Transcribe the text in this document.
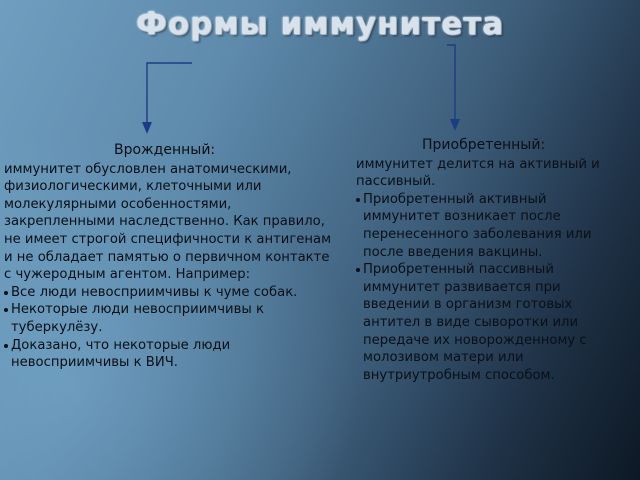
Формы иммунитета
Врожденный:
иммунитет обусловлен анатомическими, физиологическими, клеточными или молекулярными особенностями, закрепленными наследственно. Как правило, не имеет строгой специфичности к антигенам и не обладает памятью о первичном контакте с чужеродным агентом. Например:
Все люди невосприимчивы к чуме собак.
Некоторые люди невосприимчивы к туберкулёзу.
Доказано, что некоторые люди невосприимчивы к ВИЧ.
Приобретенный:
иммунитет делится на активный и пассивный.
Приобретенный активный иммунитет возникает после перенесенного заболевания или после введения вакцины.
Приобретенный пассивный иммунитет развивается при введении в организм готовых антител в виде сыворотки или передаче их новорожденному с молозивом матери или внутриутробным способом.
